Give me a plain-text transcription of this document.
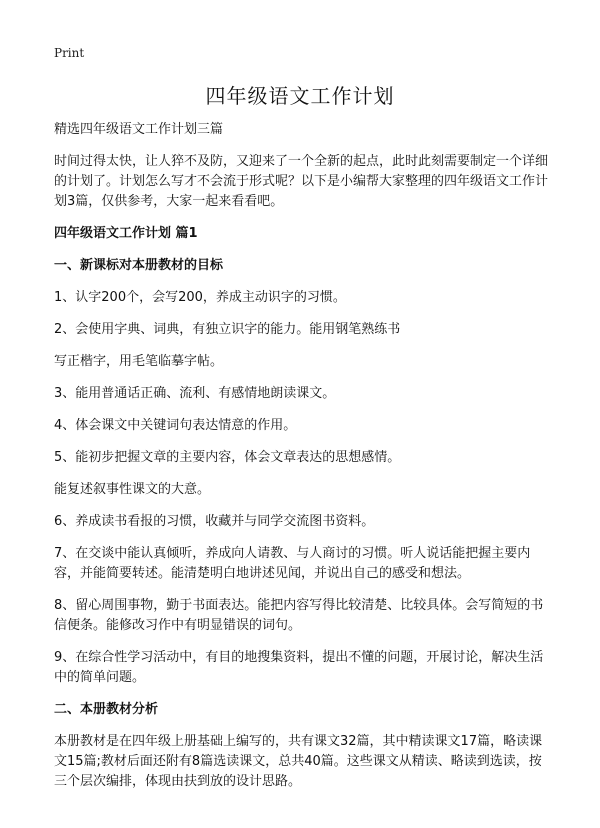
Print
四年级语文工作计划

精选四年级语文工作计划三篇

时间过得太快，让人猝不及防，又迎来了一个全新的起点，此时此刻需要制定一个详细的计划了。计划怎么写才不会流于形式呢？以下是小编帮大家整理的四年级语文工作计划3篇，仅供参考，大家一起来看看吧。

四年级语文工作计划 篇1

一、新课标对本册教材的目标

1、认字200个，会写200，养成主动识字的习惯。

2、会使用字典、词典，有独立识字的能力。能用钢笔熟练书

写正楷字，用毛笔临摹字帖。

3、能用普通话正确、流利、有感情地朗读课文。

4、体会课文中关键词句表达情意的作用。

5、能初步把握文章的主要内容，体会文章表达的思想感情。

能复述叙事性课文的大意。

6、养成读书看报的习惯，收藏并与同学交流图书资料。

7、在交谈中能认真倾听，养成向人请教、与人商讨的习惯。听人说话能把握主要内容，并能简要转述。能清楚明白地讲述见闻，并说出自己的感受和想法。

8、留心周围事物，勤于书面表达。能把内容写得比较清楚、比较具体。会写简短的书信便条。能修改习作中有明显错误的词句。

9、在综合性学习活动中，有目的地搜集资料，提出不懂的问题，开展讨论，解决生活中的简单问题。

二、本册教材分析

本册教材是在四年级上册基础上编写的，共有课文32篇，其中精读课文17篇，略读课文15篇;教材后面还附有8篇选读课文，总共40篇。这些课文从精读、略读到选读，按三个层次编排，体现由扶到放的设计思路。
